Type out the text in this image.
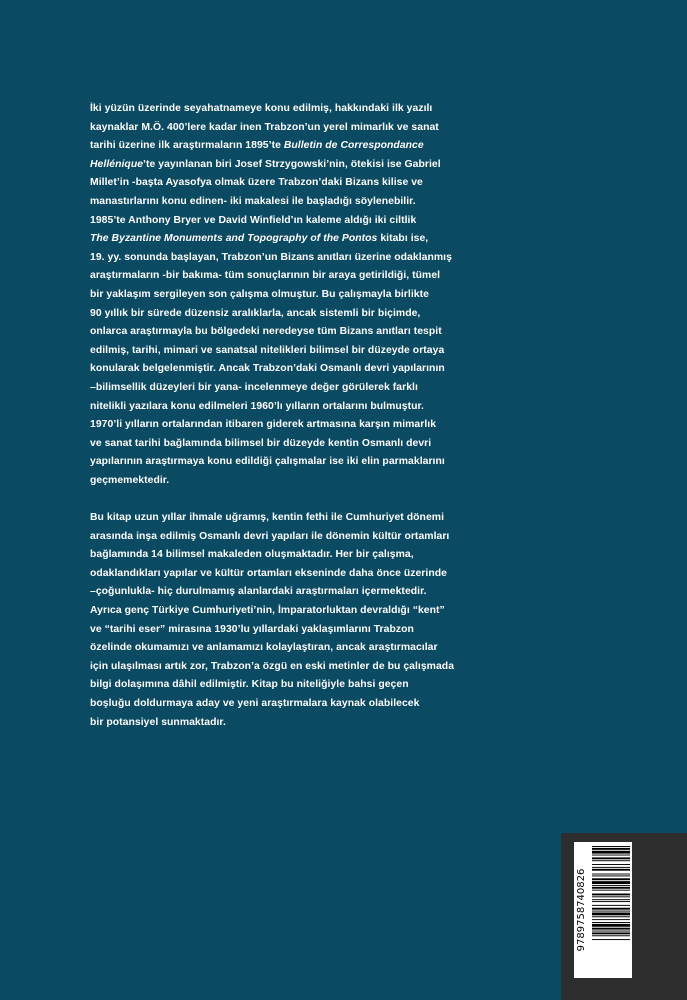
İki yüzün üzerinde seyahatnameye konu edilmiş, hakkındaki ilk yazılı
kaynaklar M.Ö. 400’lere kadar inen Trabzon’un yerel mimarlık ve sanat
tarihi üzerine ilk araştırmaların 1895’te Bulletin de Correspondance
Hellénique’te yayınlanan biri Josef Strzygowski’nin, ötekisi ise Gabriel
Millet’in -başta Ayasofya olmak üzere Trabzon’daki Bizans kilise ve
manastırlarını konu edinen- iki makalesi ile başladığı söylenebilir.
1985’te Anthony Bryer ve David Winfield’ın kaleme aldığı iki ciltlik
The Byzantine Monuments and Topography of the Pontos kitabı ise,
19. yy. sonunda başlayan, Trabzon’un Bizans anıtları üzerine odaklanmış
araştırmaların -bir bakıma- tüm sonuçlarının bir araya getirildiği, tümel
bir yaklaşım sergileyen son çalışma olmuştur. Bu çalışmayla birlikte
90 yıllık bir sürede düzensiz aralıklarla, ancak sistemli bir biçimde,
onlarca araştırmayla bu bölgedeki neredeyse tüm Bizans anıtları tespit
edilmiş, tarihi, mimari ve sanatsal nitelikleri bilimsel bir düzeyde ortaya
konularak belgelenmiştir. Ancak Trabzon’daki Osmanlı devri yapılarının
–bilimsellik düzeyleri bir yana- incelenmeye değer görülerek farklı
nitelikli yazılara konu edilmeleri 1960’lı yılların ortalarını bulmuştur.
1970’li yılların ortalarından itibaren giderek artmasına karşın mimarlık
ve sanat tarihi bağlamında bilimsel bir düzeyde kentin Osmanlı devri
yapılarının araştırmaya konu edildiği çalışmalar ise iki elin parmaklarını
geçmemektedir.
Bu kitap uzun yıllar ihmale uğramış, kentin fethi ile Cumhuriyet dönemi
arasında inşa edilmiş Osmanlı devri yapıları ile dönemin kültür ortamları
bağlamında 14 bilimsel makaleden oluşmaktadır. Her bir çalışma,
odaklandıkları yapılar ve kültür ortamları ekseninde daha önce üzerinde
–çoğunlukla- hiç durulmamış alanlardaki araştırmaları içermektedir.
Ayrıca genç Türkiye Cumhuriyeti’nin, İmparatorluktan devraldığı “kent”
ve “tarihi eser” mirasına 1930’lu yıllardaki yaklaşımlarını Trabzon
özelinde okumamızı ve anlamamızı kolaylaştıran, ancak araştırmacılar
için ulaşılması artık zor, Trabzon’a özgü en eski metinler de bu çalışmada
bilgi dolaşımına dâhil edilmiştir. Kitap bu niteliğiyle bahsi geçen
boşluğu doldurmaya aday ve yeni araştırmalara kaynak olabilecek
bir potansiyel sunmaktadır.
9789758740826
